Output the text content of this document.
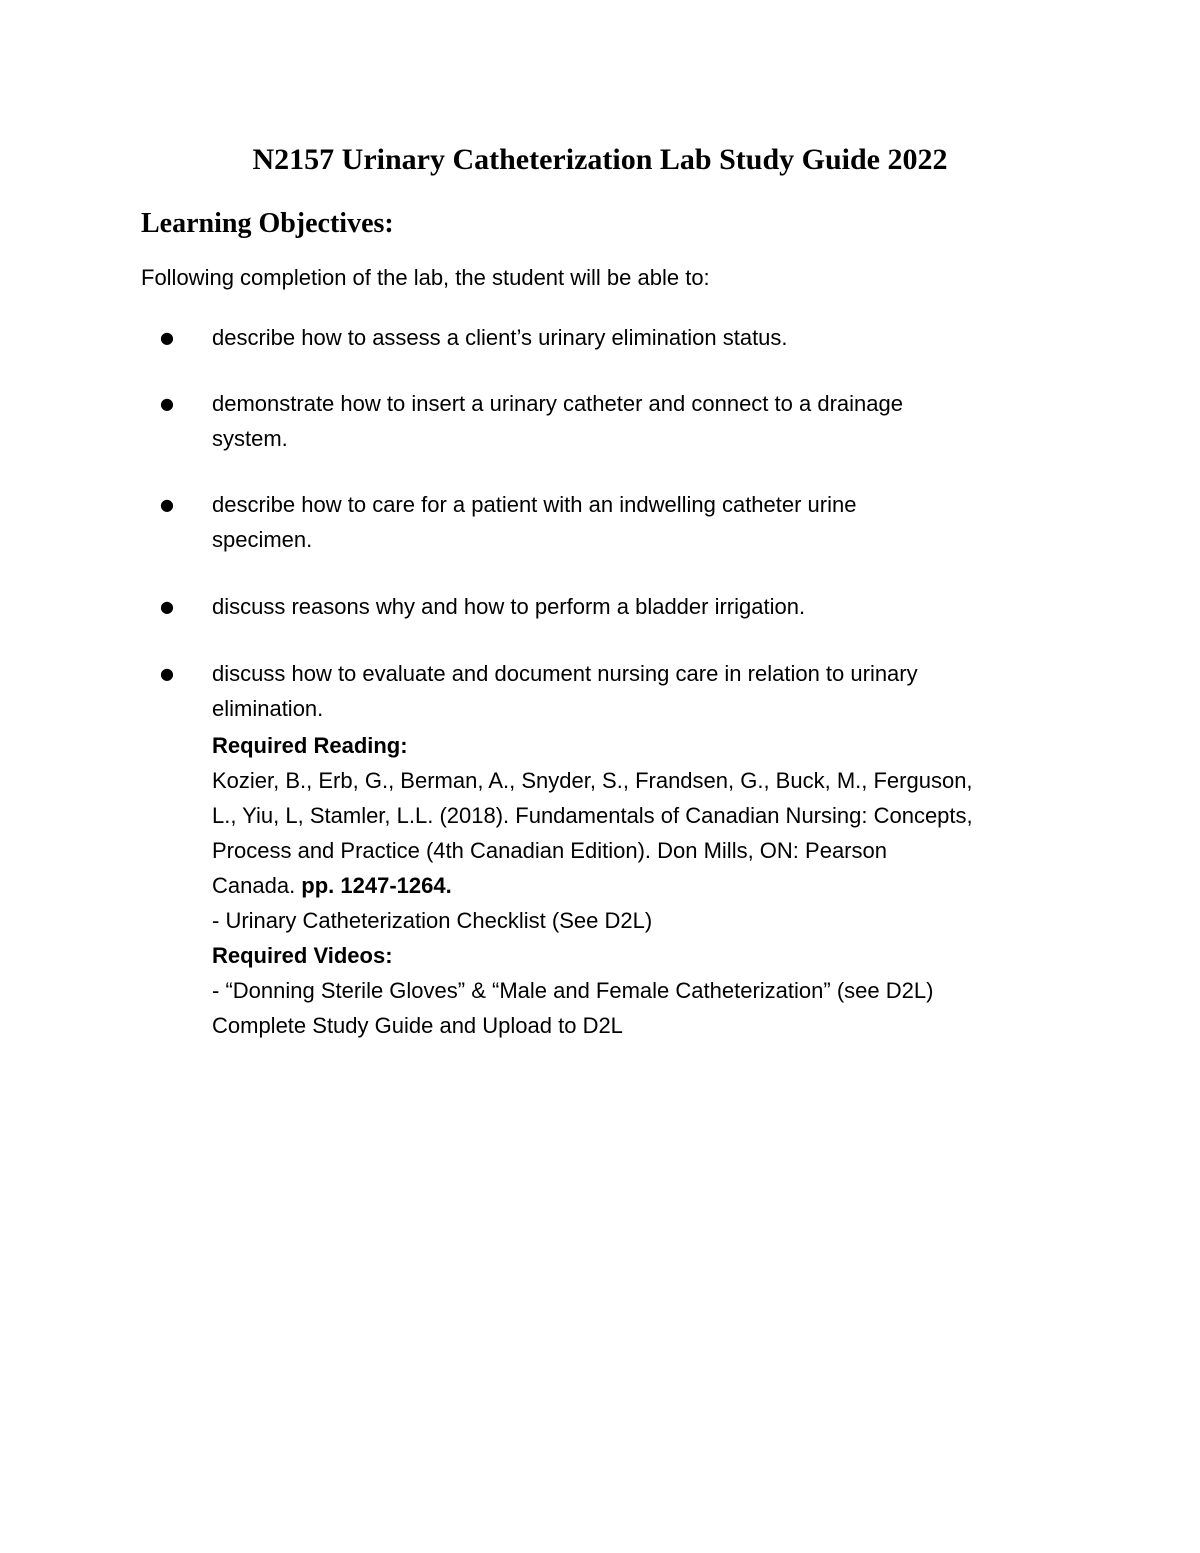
N2157 Urinary Catheterization Lab Study Guide 2022
Learning Objectives:
Following completion of the lab, the student will be able to:
● describe how to assess a client’s urinary elimination status.
● demonstrate how to insert a urinary catheter and connect to a drainage
system.
● describe how to care for a patient with an indwelling catheter urine
specimen.
● discuss reasons why and how to perform a bladder irrigation.
● discuss how to evaluate and document nursing care in relation to urinary
elimination.
Required Reading:
Kozier, B., Erb, G., Berman, A., Snyder, S., Frandsen, G., Buck, M., Ferguson,
L., Yiu, L, Stamler, L.L. (2018). Fundamentals of Canadian Nursing: Concepts,
Process and Practice (4th Canadian Edition). Don Mills, ON: Pearson
Canada. pp. 1247-1264.
- Urinary Catheterization Checklist (See D2L)
Required Videos:
- “Donning Sterile Gloves” & “Male and Female Catheterization” (see D2L)
Complete Study Guide and Upload to D2L
